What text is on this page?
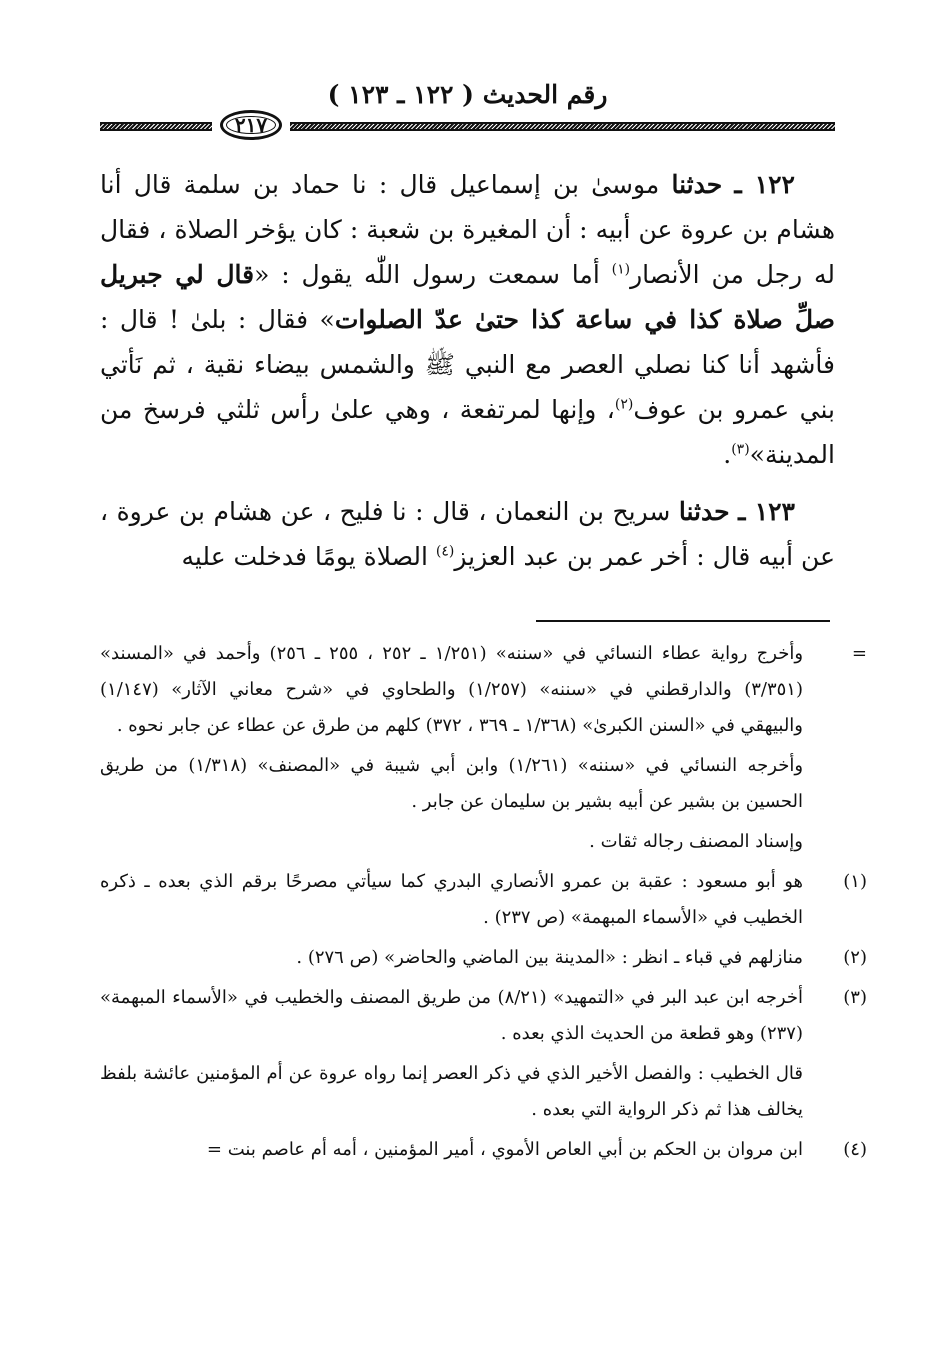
رقم الحديث ( ١٢٢ ـ ١٢٣ )
٢١٧

١٢٢ ـ حدثنا موسىٰ بن إسماعيل قال : نا حماد بن سلمة قال أنا هشام بن عروة عن أبيه : أن المغيرة بن شعبة : كان يؤخر الصلاة ، فقال له رجل من الأنصار$^{(١)}$ أما سمعت رسول اللّٰه يقول : «قال لي جبريل صلِّ صلاة كذا في ساعة كذا حتىٰ عدّ الصلوات» فقال : بلىٰ ! قال : فأشهد أنا كنا نصلي العصر مع النبي ﷺ والشمس بيضاء نقية ، ثم نَأتي بني عمرو بن عوف$^{(٢)}$، وإنها لمرتفعة ، وهي علىٰ رأس ثلثي فرسخ من المدينة»$^{(٣)}$.

١٢٣ ـ حدثنا سريح بن النعمان ، قال : نا فليح ، عن هشام بن عروة ، عن أبيه قال : أخر عمر بن عبد العزيز$^{(٤)}$ الصلاة يومًا فدخلت عليه

=وأخرج رواية عطاء النسائي في «سننه» (١/٢٥١ ـ ٢٥٢ ، ٢٥٥ ـ ٢٥٦) وأحمد في «المسند» (٣/٣٥١) والدارقطني في «سننه» (١/٢٥٧) والطحاوي في «شرح معاني الآثار» (١/١٤٧) والبيهقي في «السنن الكبرىٰ» (١/٣٦٨ ـ ٣٦٩ ، ٣٧٢) كلهم من طرق عن عطاء عن جابر نحوه .

وأخرجه النسائي في «سننه» (١/٢٦١) وابن أبي شيبة في «المصنف» (١/٣١٨) من طريق الحسين بن بشير عن أبيه بشير بن سليمان عن جابر .

وإسناد المصنف رجاله ثقات .

(١)هو أبو مسعود : عقبة بن عمرو الأنصاري البدري كما سيأتي مصرحًا برقم الذي بعده ـ ذكره الخطيب في «الأسماء المبهمة» (ص ٢٣٧) .

(٢)منازلهم في قباء ـ انظر : «المدينة بين الماضي والحاضر» (ص ٢٧٦) .

(٣)أخرجه ابن عبد البر في «التمهيد» (٨/٢١) من طريق المصنف والخطيب في «الأسماء المبهمة» (٢٣٧) وهو قطعة من الحديث الذي بعده .

قال الخطيب : والفصل الأخير الذي في ذكر العصر إنما رواه عروة عن أم المؤمنين عائشة بلفظ يخالف هذا ثم ذكر الرواية التي بعده .

(٤)ابن مروان بن الحكم بن أبي العاص الأموي ، أمير المؤمنين ، أمه أم عاصم بنت =
